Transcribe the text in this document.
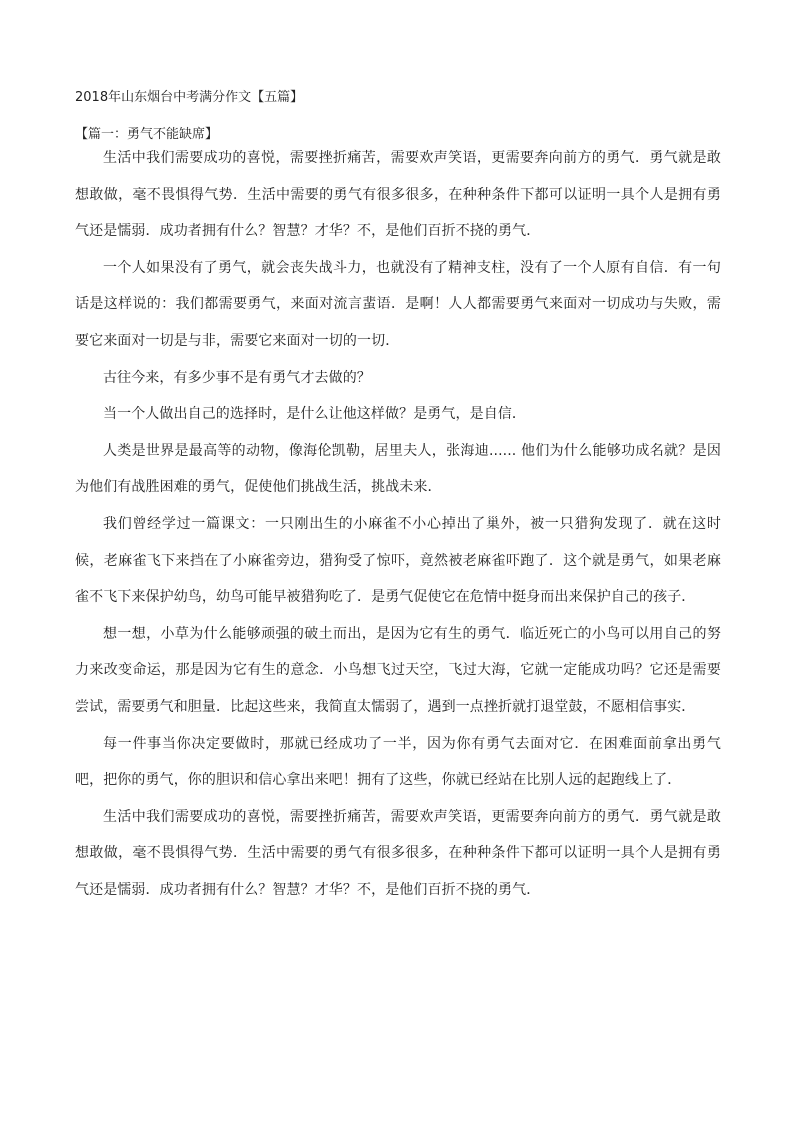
2018年山东烟台中考满分作文【五篇】
【篇一：勇气不能缺席】

生活中我们需要成功的喜悦，需要挫折痛苦，需要欢声笑语，更需要奔向前方的勇气．勇气就是敢想敢做，毫不畏惧得气势．生活中需要的勇气有很多很多，在种种条件下都可以证明一具个人是拥有勇气还是懦弱．成功者拥有什么？智慧？才华？不，是他们百折不挠的勇气．

一个人如果没有了勇气，就会丧失战斗力，也就没有了精神支柱，没有了一个人原有自信．有一句话是这样说的：我们都需要勇气，来面对流言蜚语．是啊！人人都需要勇气来面对一切成功与失败，需要它来面对一切是与非，需要它来面对一切的一切．

古往今来，有多少事不是有勇气才去做的？

当一个人做出自己的选择时，是什么让他这样做？是勇气，是自信．

人类是世界是最高等的动物，像海伦凯勒，居里夫人，张海迪...... 他们为什么能够功成名就？是因为他们有战胜困难的勇气，促使他们挑战生活，挑战未来．

我们曾经学过一篇课文：一只刚出生的小麻雀不小心掉出了巢外，被一只猎狗发现了．就在这时候，老麻雀飞下来挡在了小麻雀旁边，猎狗受了惊吓，竟然被老麻雀吓跑了．这个就是勇气，如果老麻雀不飞下来保护幼鸟，幼鸟可能早被猎狗吃了．是勇气促使它在危情中挺身而出来保护自己的孩子．

想一想，小草为什么能够顽强的破土而出，是因为它有生的勇气．临近死亡的小鸟可以用自己的努力来改变命运，那是因为它有生的意念．小鸟想飞过天空，飞过大海，它就一定能成功吗？它还是需要尝试，需要勇气和胆量．比起这些来，我简直太懦弱了，遇到一点挫折就打退堂鼓，不愿相信事实．

每一件事当你决定要做时，那就已经成功了一半，因为你有勇气去面对它．在困难面前拿出勇气吧，把你的勇气，你的胆识和信心拿出来吧！拥有了这些，你就已经站在比别人远的起跑线上了．

生活中我们需要成功的喜悦，需要挫折痛苦，需要欢声笑语，更需要奔向前方的勇气．勇气就是敢想敢做，毫不畏惧得气势．生活中需要的勇气有很多很多，在种种条件下都可以证明一具个人是拥有勇气还是懦弱．成功者拥有什么？智慧？才华？不，是他们百折不挠的勇气．
